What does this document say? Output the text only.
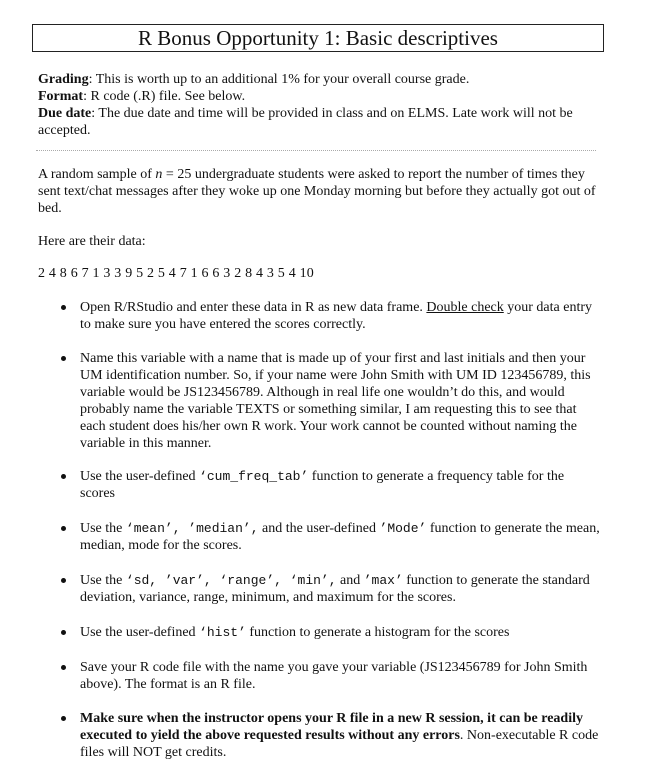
R Bonus Opportunity 1: Basic descriptives

Grading: This is worth up to an additional 1% for your overall course grade.

Format: R code (.R) file. See below.

Due date: The due date and time will be provided in class and on ELMS. Late work will not be accepted.

A random sample of n = 25 undergraduate students were asked to report the number of times they sent text/chat messages after they woke up one Monday morning but before they actually got out of bed.

Here are their data:

2 4 8 6 7 1 3 3 9 5 2 5 4 7 1 6 6 3 2 8 4 3 5 4 10

Open R/RStudio and enter these data in R as new data frame. Double check your data entry to make sure you have entered the scores correctly.
Name this variable with a name that is made up of your first and last initials and then your UM identification number. So, if your name were John Smith with UM ID 123456789, this variable would be JS123456789. Although in real life one wouldn’t do this, and would probably name the variable TEXTS or something similar, I am requesting this to see that each student does his/her own R work. Your work cannot be counted without naming the variable in this manner.
Use the user-defined ‘cum_freq_tab’ function to generate a frequency table for the scores
Use the ‘mean’, ’median’, and the user-defined ’Mode’ function to generate the mean, median, mode for the scores.
Use the ‘sd, ’var’, ‘range’, ‘min’, and ’max’ function to generate the standard deviation, variance, range, minimum, and maximum for the scores.
Use the user-defined ‘hist’ function to generate a histogram for the scores
Save your R code file with the name you gave your variable (JS123456789 for John Smith above). The format is an R file.
Make sure when the instructor opens your R file in a new R session, it can be readily executed to yield the above requested results without any errors. Non-executable R code files will NOT get credits.
